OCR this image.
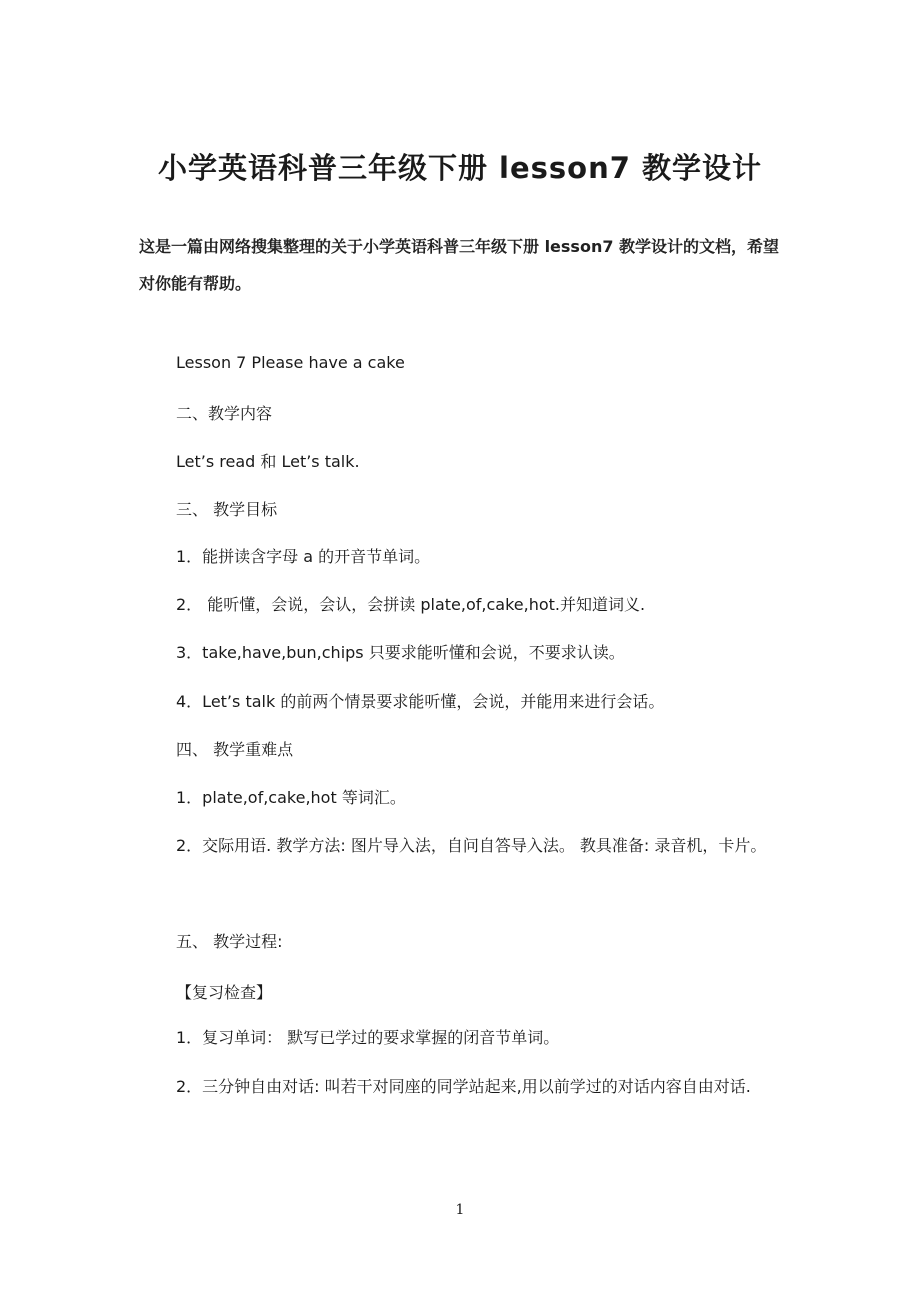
小学英语科普三年级下册 lesson7 教学设计

这是一篇由网络搜集整理的关于小学英语科普三年级下册 lesson7 教学设计的文档，希望对你能有帮助。

Lesson 7 Please have a cake

二、教学内容

Let’s read 和 Let’s talk.

三、 教学目标

1．能拼读含字母 a 的开音节单词。

2． 能听懂，会说，会认，会拼读 plate,of,cake,hot.并知道词义.

3．take,have,bun,chips 只要求能听懂和会说，不要求认读。

4．Let’s talk 的前两个情景要求能听懂，会说，并能用来进行会话。

四、 教学重难点

1．plate,of,cake,hot 等词汇。

2．交际用语. 教学方法: 图片导入法，自问自答导入法。 教具准备: 录音机，卡片。

五、 教学过程:

【复习检查】

1．复习单词： 默写已学过的要求掌握的闭音节单词。

2．三分钟自由对话: 叫若干对同座的同学站起来,用以前学过的对话内容自由对话.

1
